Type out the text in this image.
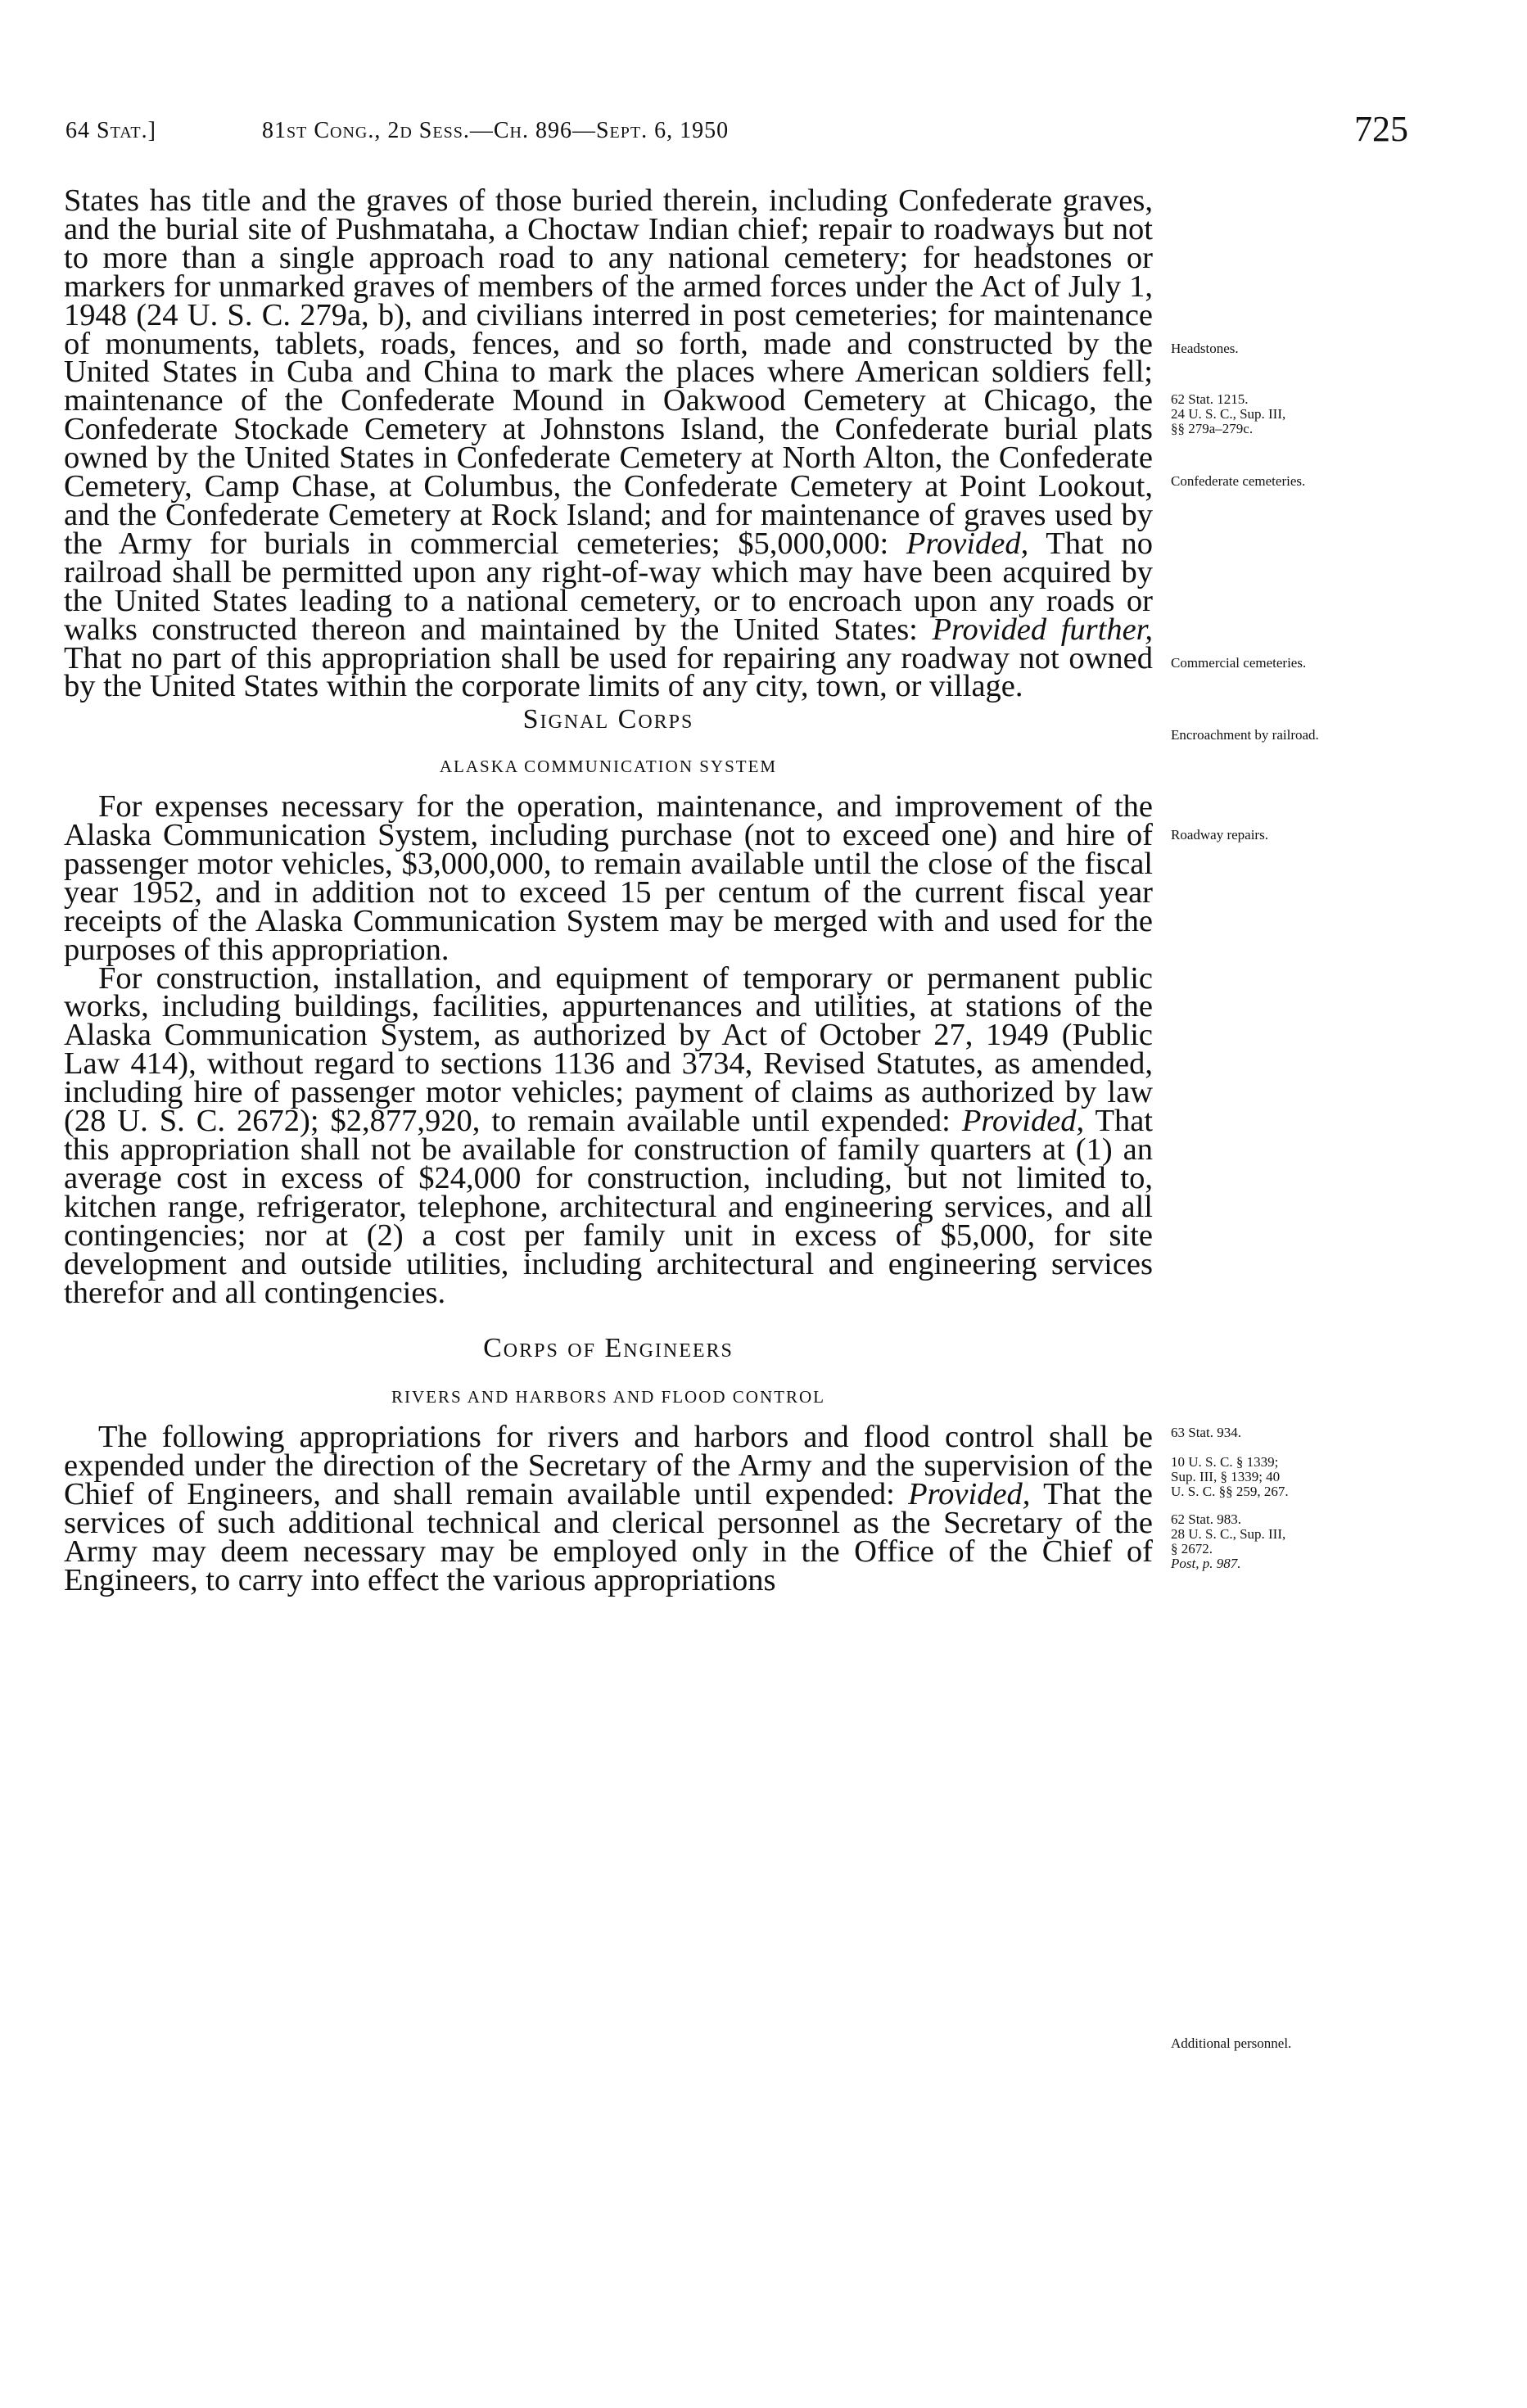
64 Stat.]	81st Cong., 2d Sess.—Ch. 896—Sept. 6, 1950	725

States has title and the graves of those buried therein, including Confederate graves, and the burial site of Pushmataha, a Choctaw Indian chief; repair to roadways but not to more than a single approach road to any national cemetery; for headstones or markers for unmarked graves of members of the armed forces under the Act of July 1, 1948 (24 U. S. C. 279a, b), and civilians interred in post cemeteries; for maintenance of monuments, tablets, roads, fences, and so forth, made and constructed by the United States in Cuba and China to mark the places where American soldiers fell; maintenance of the Confederate Mound in Oakwood Cemetery at Chicago, the Confederate Stockade Cemetery at Johnstons Island, the Confederate burial plats owned by the United States in Confederate Cemetery at North Alton, the Confederate Cemetery, Camp Chase, at Columbus, the Confederate Cemetery at Point Lookout, and the Confederate Cemetery at Rock Island; and for maintenance of graves used by the Army for burials in commercial cemeteries; $5,000,000: Provided, That no railroad shall be permitted upon any right-of-way which may have been acquired by the United States leading to a national cemetery, or to encroach upon any roads or walks constructed thereon and maintained by the United States: Provided further, That no part of this appropriation shall be used for repairing any roadway not owned by the United States within the corporate limits of any city, town, or village.

Signal Corps

ALASKA COMMUNICATION SYSTEM

For expenses necessary for the operation, maintenance, and improvement of the Alaska Communication System, including purchase (not to exceed one) and hire of passenger motor vehicles, $3,000,000, to remain available until the close of the fiscal year 1952, and in addition not to exceed 15 per centum of the current fiscal year receipts of the Alaska Communication System may be merged with and used for the purposes of this appropriation.

For construction, installation, and equipment of temporary or permanent public works, including buildings, facilities, appurtenances and utilities, at stations of the Alaska Communication System, as authorized by Act of October 27, 1949 (Public Law 414), without regard to sections 1136 and 3734, Revised Statutes, as amended, including hire of passenger motor vehicles; payment of claims as authorized by law (28 U. S. C. 2672); $2,877,920, to remain available until expended: Provided, That this appropriation shall not be available for construction of family quarters at (1) an average cost in excess of $24,000 for construction, including, but not limited to, kitchen range, refrigerator, telephone, architectural and engineering services, and all contingencies; nor at (2) a cost per family unit in excess of $5,000, for site development and outside utilities, including architectural and engineering services therefor and all contingencies.

Corps of Engineers

RIVERS AND HARBORS AND FLOOD CONTROL

The following appropriations for rivers and harbors and flood control shall be expended under the direction of the Secretary of the Army and the supervision of the Chief of Engineers, and shall remain available until expended: Provided, That the services of such additional technical and clerical personnel as the Secretary of the Army may deem necessary may be employed only in the Office of the Chief of Engineers, to carry into effect the various appropriations

Headstones.
62 Stat. 1215.
24 U. S. C., Sup. III,
§§ 279a–279c.
Confederate cemeteries.
Commercial cemeteries.
Encroachment by railroad.
Roadway repairs.
63 Stat. 934.
10 U. S. C. § 1339;
Sup. III, § 1339; 40
U. S. C. §§ 259, 267.
62 Stat. 983.
28 U. S. C., Sup. III,
§ 2672.
Post, p. 987.
Additional personnel.
